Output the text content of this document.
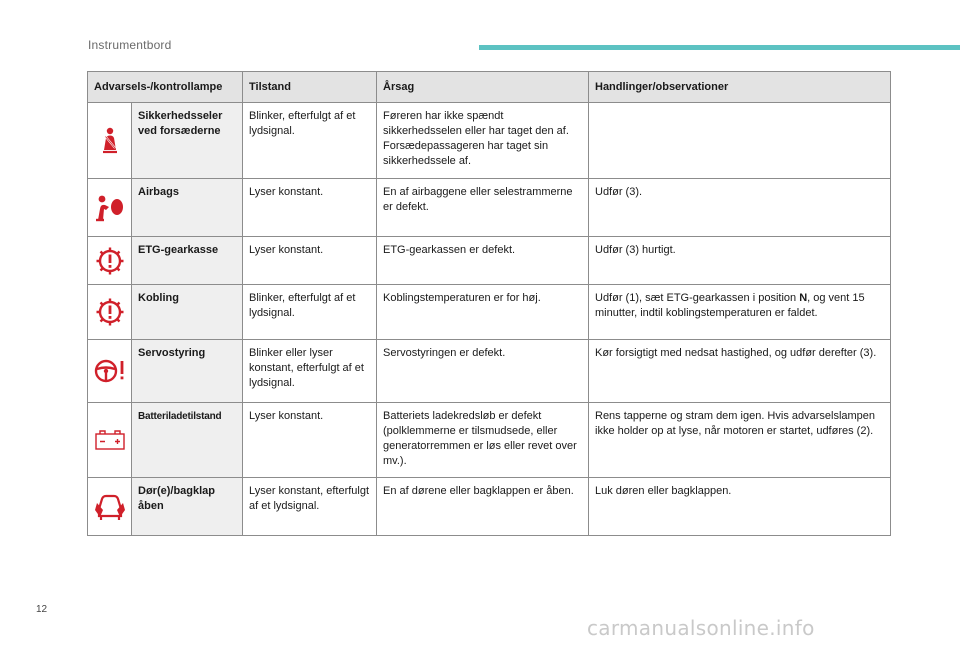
Instrumentbord
Advarsels-/kontrollampe		Tilstand	Årsag	Handlinger/observationer

	Sikkerhedsseler ved forsæderne	Blinker, efterfulgt af et lydsignal.	Føreren har ikke spændt sikkerhedsselen eller har taget den af. Forsædepassageren har taget sin sikkerhedssele af.	

	Airbags	Lyser konstant.	En af airbaggene eller selestrammerne er defekt.	Udfør (3).

	ETG-gearkasse	Lyser konstant.	ETG-gearkassen er defekt.	Udfør (3) hurtigt.

	Kobling	Blinker, efterfulgt af et lydsignal.	Koblingstemperaturen er for høj.	Udfør (1), sæt ETG-gearkassen i position N, og vent 15 minutter, indtil koblingstemperaturen er faldet.

	Servostyring	Blinker eller lyser konstant, efterfulgt af et lydsignal.	Servostyringen er defekt.	Kør forsigtigt med nedsat hastighed, og udfør derefter (3).

	Batteriladetilstand	Lyser konstant.	Batteriets ladekredsløb er defekt (polklemmerne er tilsmudsede, eller generatorremmen er løs eller revet over mv.).	Rens tapperne og stram dem igen. Hvis advarselslampen ikke holder op at lyse, når motoren er startet, udføres (2).

	Dør(e)/bagklap åben	Lyser konstant, efterfulgt af et lydsignal.	En af dørene eller bagklappen er åben.	Luk døren eller bagklappen.
12
carmanualsonline.info
